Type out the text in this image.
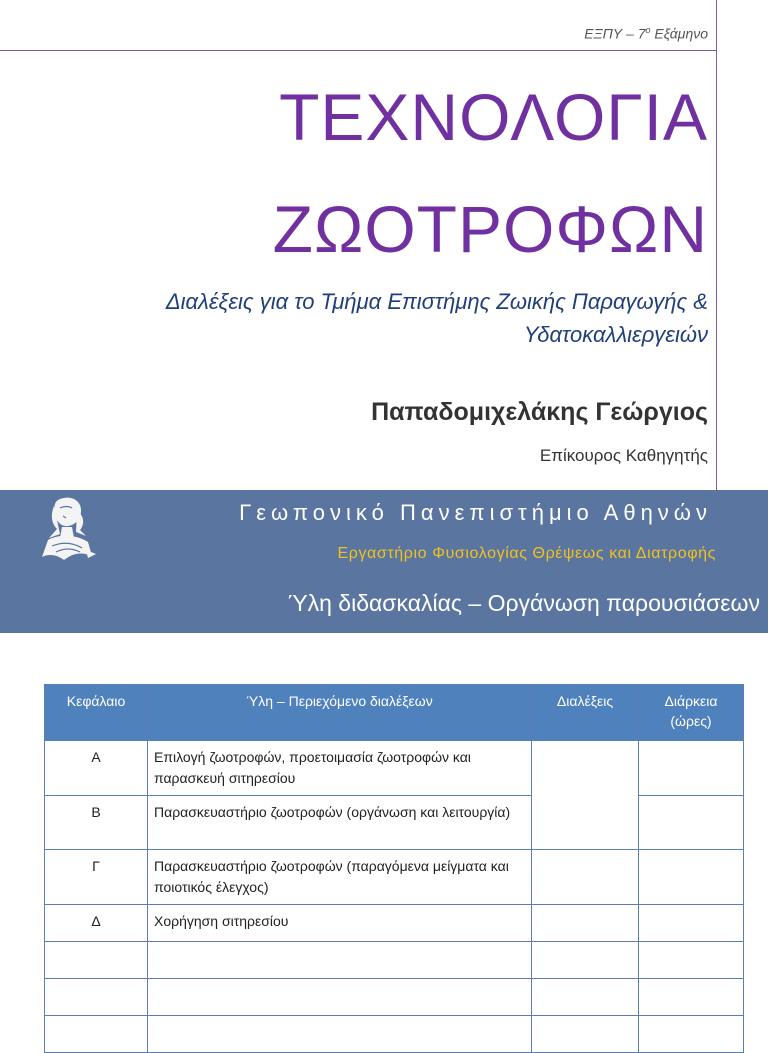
ΕΞΠΥ – $7^o$ Εξάμηνο
ΤΕΧΝΟΛΟΓΙΑ
ΖΩΟΤΡΟΦΩΝ
Διαλέξεις για το Τμήμα Επιστήμης Ζωικής Παραγωγής &
Υδατοκαλλιεργειών
Παπαδομιχελάκης Γεώργιος
Επίκουρος Καθηγητής
Γεωπονικό Πανεπιστήμιο Αθηνών
Εργαστήριο Φυσιολογίας Θρέψεως και Διατροφής
Ύλη διδασκαλίας – Οργάνωση παρουσιάσεων
Κεφάλαιο	Ύλη – Περιεχόμενο διαλέξεων	Διαλέξεις	Διάρκεια
(ώρες)

Α	Επιλογή ζωοτροφών, προετοιμασία ζωοτροφών και παρασκευή σιτηρεσίου		
Β	Παρασκευαστήριο ζωοτροφών (οργάνωση και λειτουργία)		
Γ	Παρασκευαστήριο ζωοτροφών (παραγόμενα μείγματα και ποιοτικός έλεγχος)		
Δ	Χορήγηση σιτηρεσίου		
